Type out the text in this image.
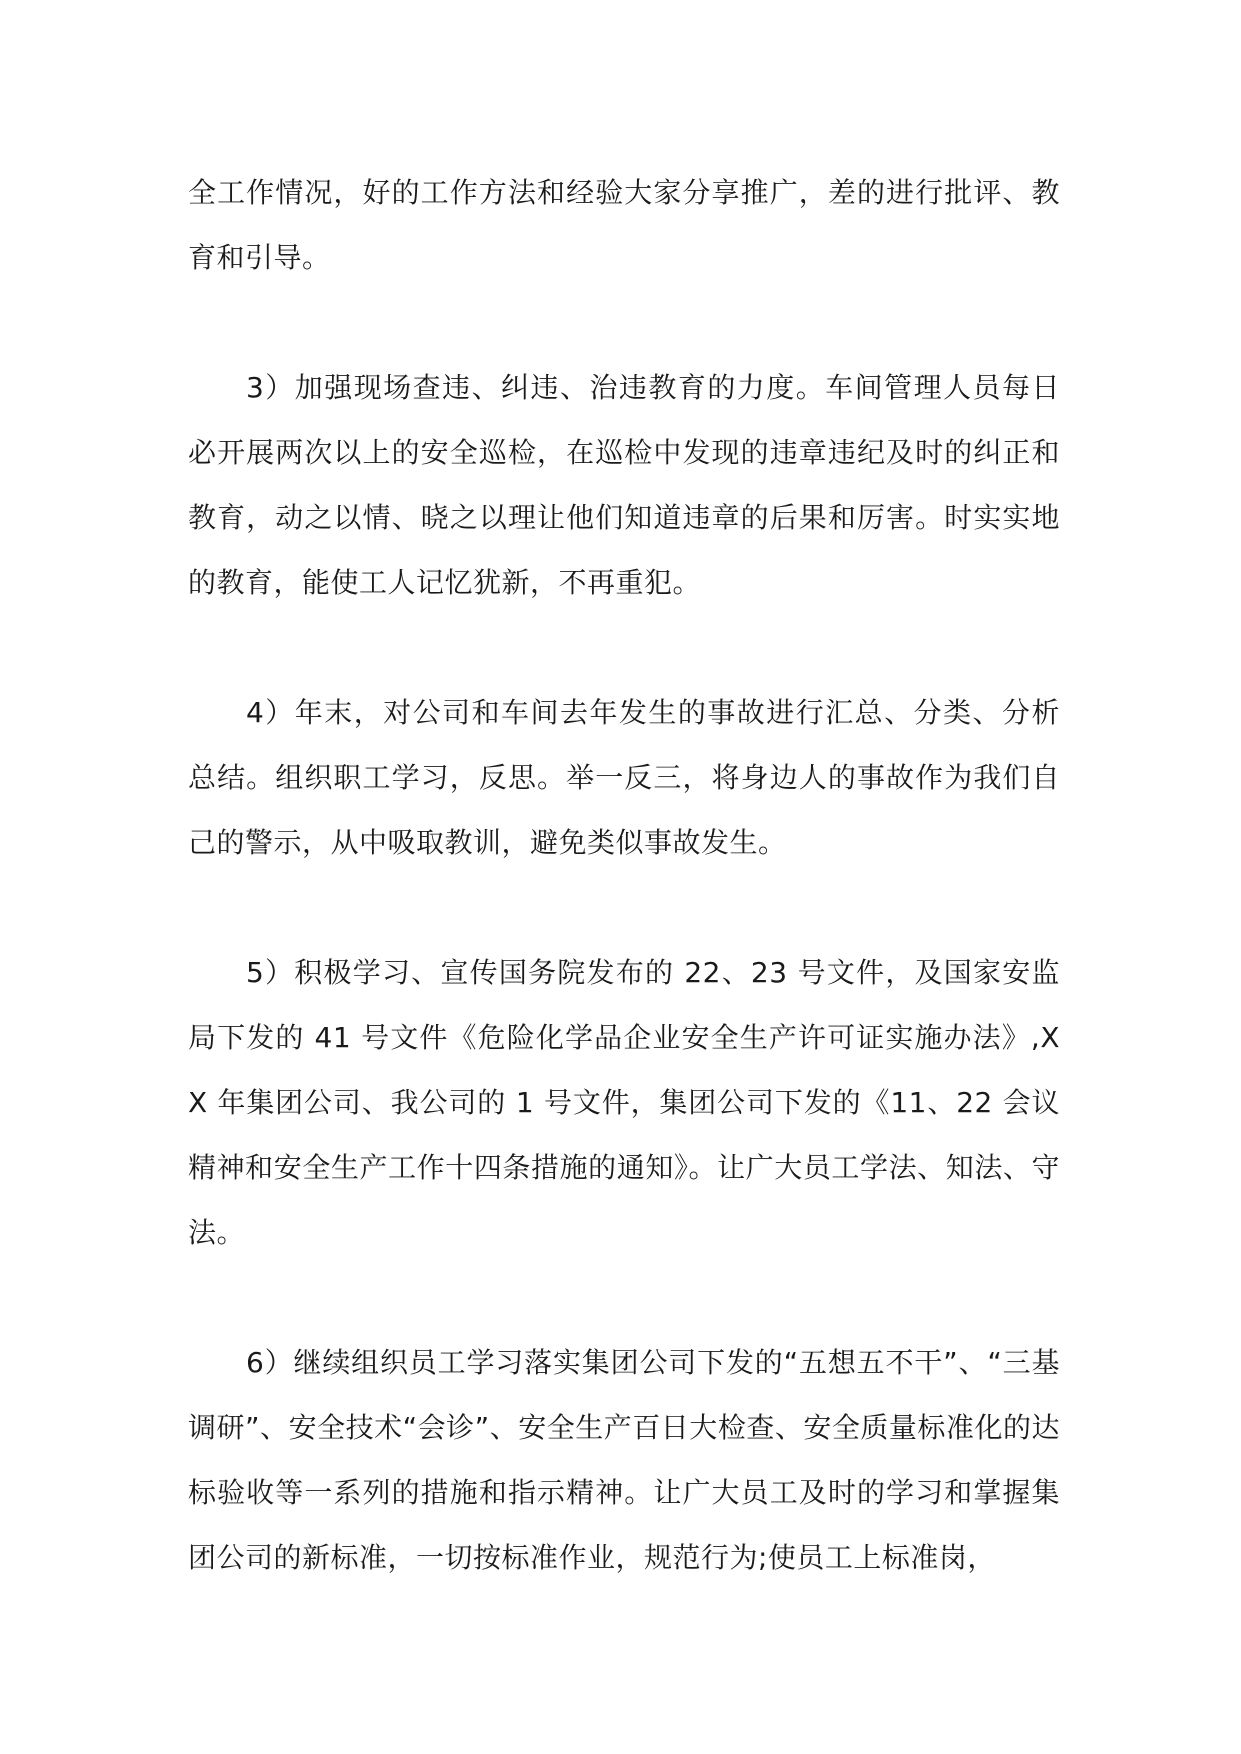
全工作情况，好的工作方法和经验大家分享推广，差的进行批评、教育和引导。

3）加强现场查违、纠违、治违教育的力度。车间管理人员每日必开展两次以上的安全巡检，在巡检中发现的违章违纪及时的纠正和教育，动之以情、晓之以理让他们知道违章的后果和厉害。时实实地的教育，能使工人记忆犹新，不再重犯。

4）年末，对公司和车间去年发生的事故进行汇总、分类、分析总结。组织职工学习，反思。举一反三，将身边人的事故作为我们自己的警示，从中吸取教训，避免类似事故发生。

5）积极学习、宣传国务院发布的 22、23 号文件，及国家安监局下发的 41 号文件《危险化学品企业安全生产许可证实施办法》,XX 年集团公司、我公司的 1 号文件，集团公司下发的《11、22 会议精神和安全生产工作十四条措施的通知》。让广大员工学法、知法、守法。

6）继续组织员工学习落实集团公司下发的“五想五不干”、“三基调研”、安全技术“会诊”、安全生产百日大检查、安全质量标准化的达标验收等一系列的措施和指示精神。让广大员工及时的学习和掌握集团公司的新标准，一切按标准作业，规范行为;使员工上标准岗，
